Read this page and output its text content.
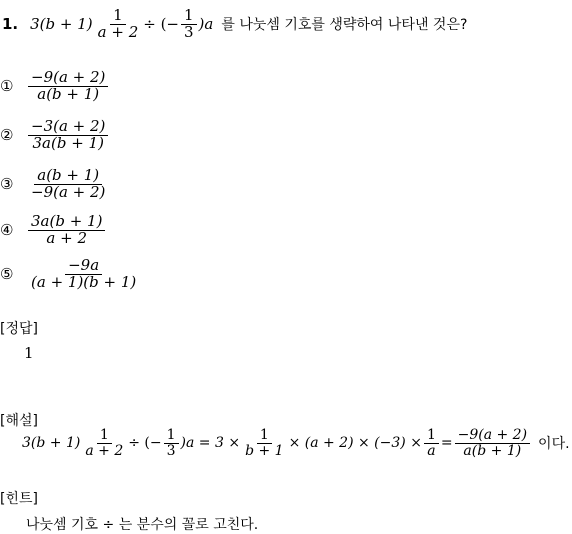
1. $3(b + 1) \frac{1}{a + 2}$ ÷ (− $\frac{1}{3} )a$ 를 나눗셈 기호를 생략하여 나타낸 것은?
① $\frac{-9(a + 2)}{a(b + 1)}$
② $\frac{-3(a + 2)}{3a(b + 1)}$
③ $\frac{a(b + 1)}{-9(a + 2)}$
④ $\frac{3a(b + 1)}{a + 2}$
⑤ $\frac{-9a}{(a + 1)(b + 1)}$
[정답]
1
[해설]
$3(b + 1) \frac{1}{a + 2}$ ÷ (− $\frac{1}{3} )a = 3 \times \frac{1}{b + 1} \times (a + 2) \times (-3) \times \frac{1}{a} = \frac{-9(a + 2)}{a(b + 1)}$ 이다.
[힌트]
나눗셈 기호 ÷ 는 분수의 꼴로 고친다.
